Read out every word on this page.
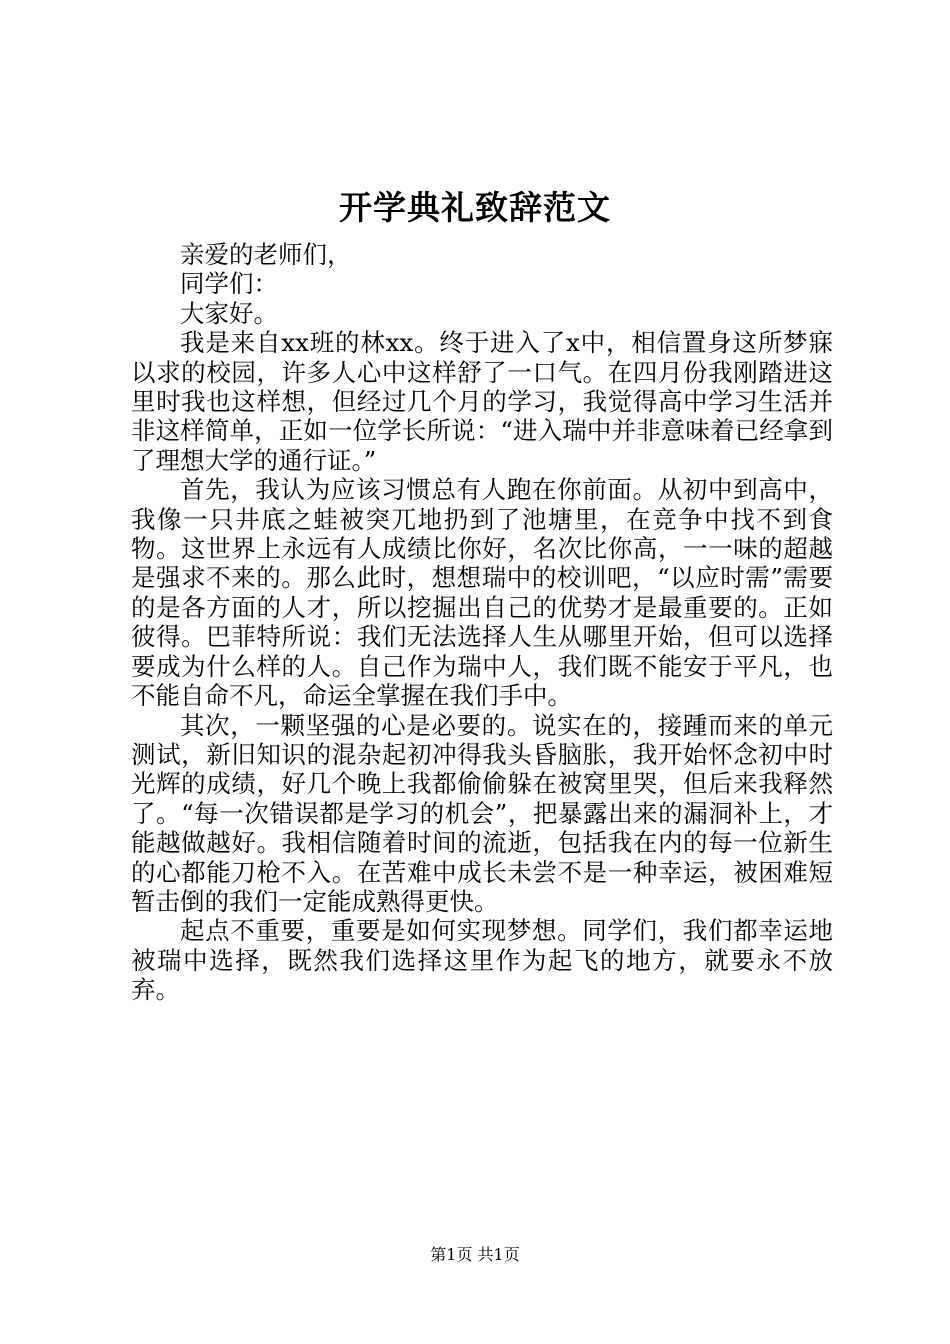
开学典礼致辞范文

亲爱的老师们，

同学们：

大家好。

我是来自xx班的林xx。终于进入了x中，相信置身这所梦寐以求的校园，许多人心中这样舒了一口气。在四月份我刚踏进这里时我也这样想，但经过几个月的学习，我觉得高中学习生活并非这样简单，正如一位学长所说：“进入瑞中并非意味着已经拿到了理想大学的通行证。”

首先，我认为应该习惯总有人跑在你前面。从初中到高中，我像一只井底之蛙被突兀地扔到了池塘里，在竞争中找不到食物。这世界上永远有人成绩比你好，名次比你高，一一味的超越是强求不来的。那么此时，想想瑞中的校训吧，“以应时需”需要的是各方面的人才，所以挖掘出自己的优势才是最重要的。正如彼得。巴菲特所说：我们无法选择人生从哪里开始，但可以选择要成为什么样的人。自己作为瑞中人，我们既不能安于平凡，也不能自命不凡，命运全掌握在我们手中。

其次，一颗坚强的心是必要的。说实在的，接踵而来的单元测试，新旧知识的混杂起初冲得我头昏脑胀，我开始怀念初中时光辉的成绩，好几个晚上我都偷偷躲在被窝里哭，但后来我释然了。“每一次错误都是学习的机会”，把暴露出来的漏洞补上，才能越做越好。我相信随着时间的流逝，包括我在内的每一位新生的心都能刀枪不入。在苦难中成长未尝不是一种幸运，被困难短暂击倒的我们一定能成熟得更快。

起点不重要，重要是如何实现梦想。同学们，我们都幸运地被瑞中选择，既然我们选择这里作为起飞的地方，就要永不放弃。

第1页 共1页
